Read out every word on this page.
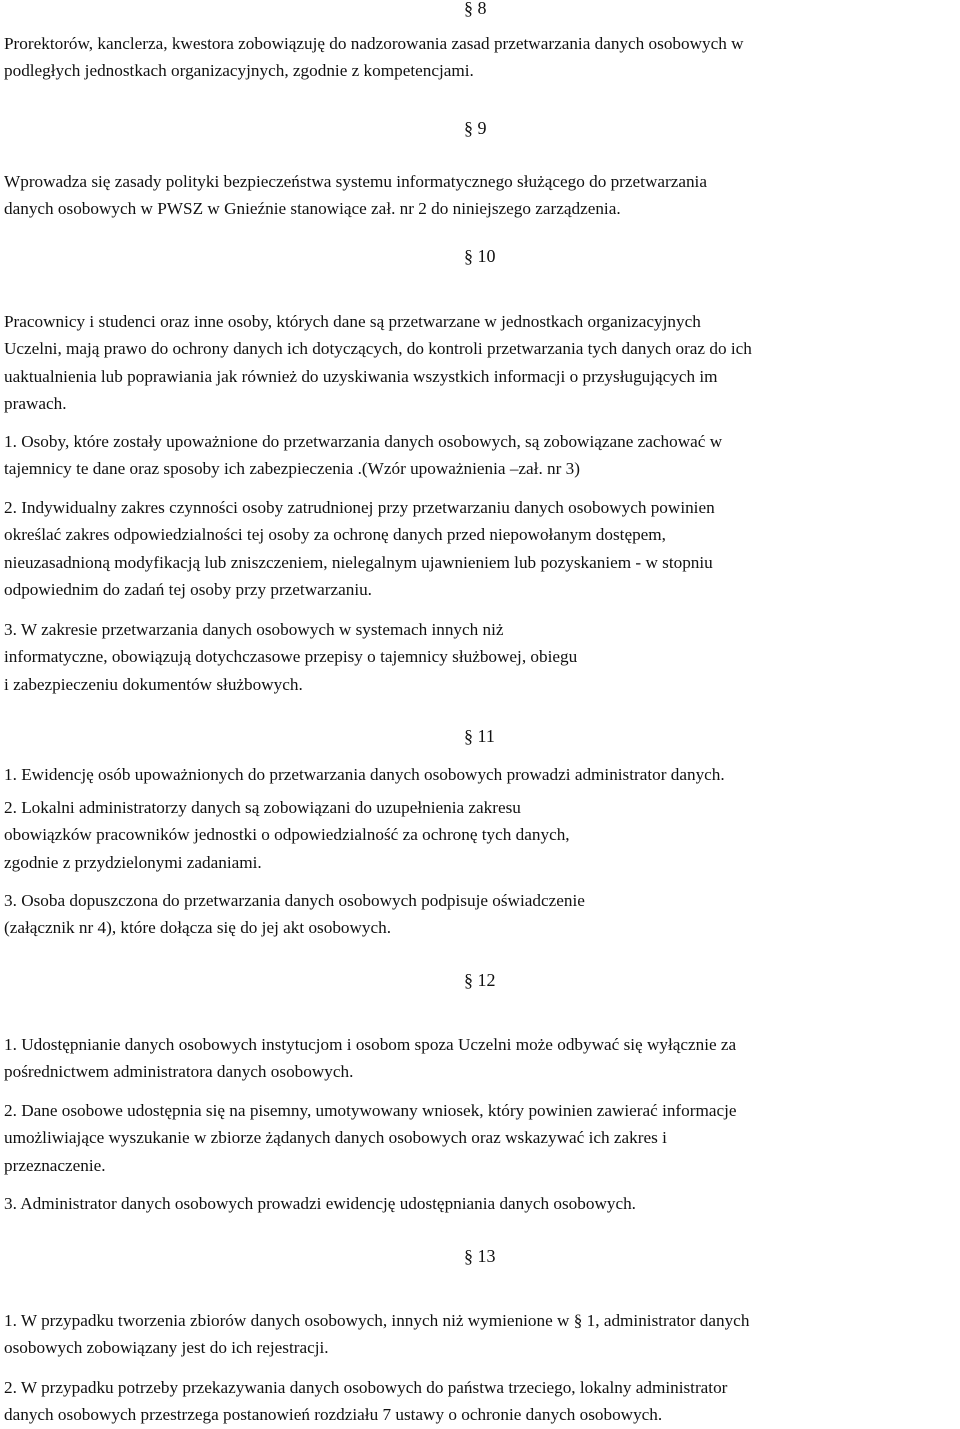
§ 8
Prorektorów, kanclerza, kwestora zobowiązuję do nadzorowania zasad przetwarzania danych osobowych w
podległych jednostkach organizacyjnych, zgodnie z kompetencjami.
§ 9
Wprowadza się zasady polityki bezpieczeństwa systemu informatycznego służącego do przetwarzania
danych osobowych w PWSZ w Gnieźnie stanowiące zał. nr 2 do niniejszego zarządzenia.
§ 10
Pracownicy i studenci oraz inne osoby, których dane są przetwarzane w jednostkach organizacyjnych
Uczelni, mają prawo do ochrony danych ich dotyczących, do kontroli przetwarzania tych danych oraz do ich
uaktualnienia lub poprawiania jak również do uzyskiwania wszystkich informacji o przysługujących im
prawach.
1. Osoby, które zostały upoważnione do przetwarzania danych osobowych, są zobowiązane zachować w
tajemnicy te dane oraz sposoby ich zabezpieczenia .(Wzór upoważnienia –zał. nr 3)
2. Indywidualny zakres czynności osoby zatrudnionej przy przetwarzaniu danych osobowych powinien
określać zakres odpowiedzialności tej osoby za ochronę danych przed niepowołanym dostępem,
nieuzasadnioną modyfikacją lub zniszczeniem, nielegalnym ujawnieniem lub pozyskaniem - w stopniu
odpowiednim do zadań tej osoby przy przetwarzaniu.
3. W zakresie przetwarzania danych osobowych w systemach innych niż
informatyczne, obowiązują dotychczasowe przepisy o tajemnicy służbowej, obiegu
i zabezpieczeniu dokumentów służbowych.
§ 11
1. Ewidencję osób upoważnionych do przetwarzania danych osobowych prowadzi administrator danych.
2. Lokalni administratorzy danych są zobowiązani do uzupełnienia zakresu
obowiązków pracowników jednostki o odpowiedzialność za ochronę tych danych,
zgodnie z przydzielonymi zadaniami.
3. Osoba dopuszczona do przetwarzania danych osobowych podpisuje oświadczenie
(załącznik nr 4), które dołącza się do jej akt osobowych.
§ 12
1. Udostępnianie danych osobowych instytucjom i osobom spoza Uczelni może odbywać się wyłącznie za
pośrednictwem administratora danych osobowych.
2. Dane osobowe udostępnia się na pisemny, umotywowany wniosek, który powinien zawierać informacje
umożliwiające wyszukanie w zbiorze żądanych danych osobowych oraz wskazywać ich zakres i
przeznaczenie.
3. Administrator danych osobowych prowadzi ewidencję udostępniania danych osobowych.
§ 13
1. W przypadku tworzenia zbiorów danych osobowych, innych niż wymienione w § 1, administrator danych
osobowych zobowiązany jest do ich rejestracji.
2. W przypadku potrzeby przekazywania danych osobowych do państwa trzeciego, lokalny administrator
danych osobowych przestrzega postanowień rozdziału 7 ustawy o ochronie danych osobowych.
